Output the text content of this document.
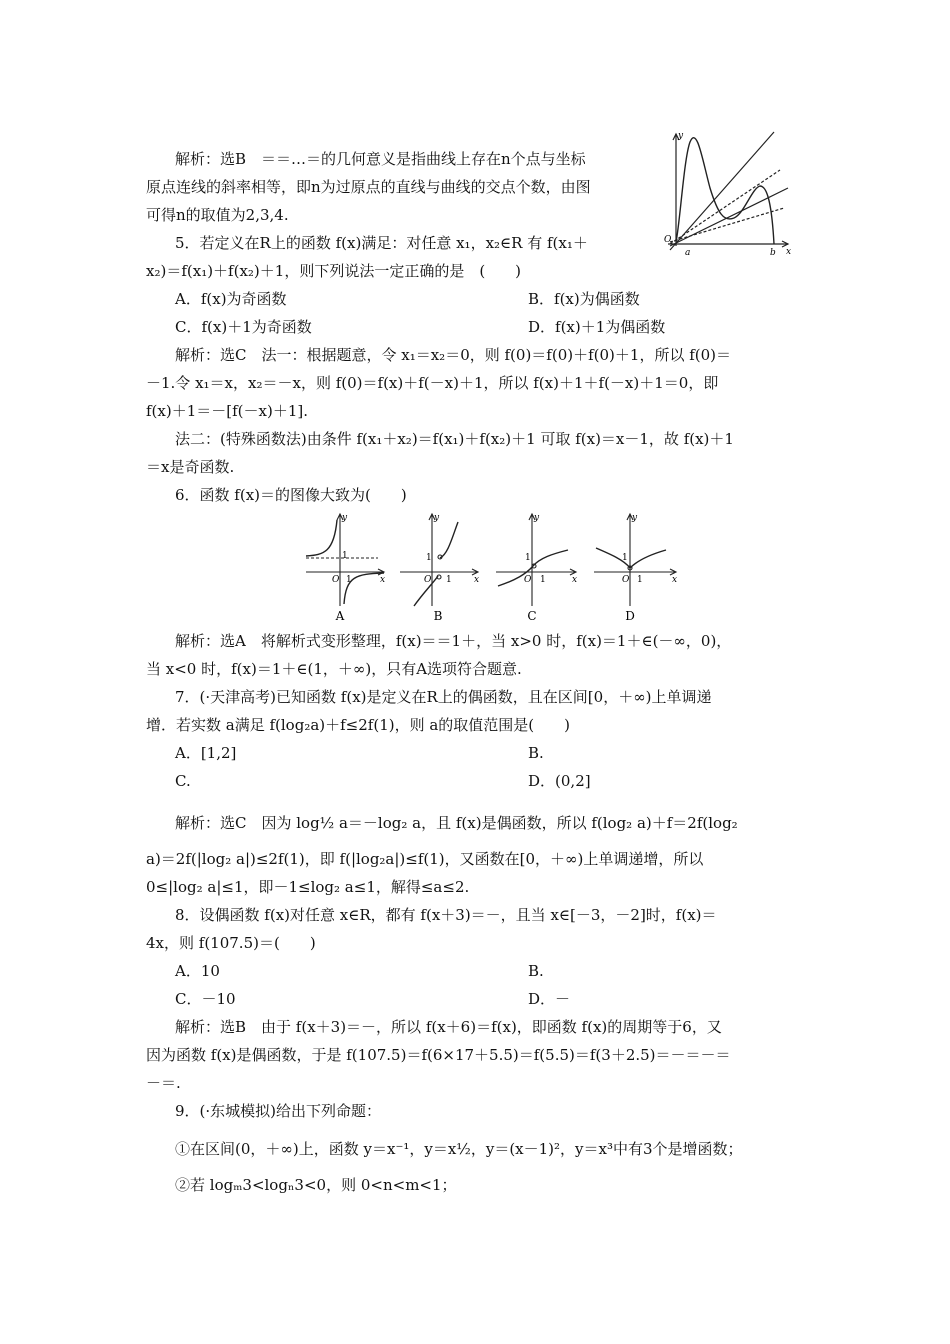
解析：选B　＝＝…＝的几何意义是指曲线上存在n个点与坐标
原点连线的斜率相等，即n为过原点的直线与曲线的交点个数，由图
可得n的取值为2,3,4.
5．若定义在R上的函数 f(x)满足：对任意 x₁，x₂∈R 有 f(x₁＋
x₂)＝f(x₁)＋f(x₂)＋1，则下列说法一定正确的是　(　　)
A．f(x)为奇函数	B．f(x)为偶函数
C．f(x)＋1为奇函数	D．f(x)＋1为偶函数
解析：选C　法一：根据题意，令 x₁＝x₂＝0，则 f(0)＝f(0)＋f(0)＋1，所以 f(0)＝
－1.令 x₁＝x，x₂＝－x，则 f(0)＝f(x)＋f(－x)＋1，所以 f(x)＋1＋f(－x)＋1＝0，即
f(x)＋1＝－[f(－x)＋1].
法二：(特殊函数法)由条件 f(x₁＋x₂)＝f(x₁)＋f(x₂)＋1 可取 f(x)＝x－1，故 f(x)＋1
＝x是奇函数.
6．函数 f(x)＝的图像大致为(　　)
解析：选A　将解析式变形整理，f(x)＝＝1＋，当 x>0 时，f(x)＝1＋∈(－∞，0)，
当 x<0 时，f(x)＝1＋∈(1，＋∞)，只有A选项符合题意.
7．(·天津高考)已知函数 f(x)是定义在R上的偶函数，且在区间[0，＋∞)上单调递
增．若实数 a满足 f(log₂a)＋f≤2f(1)，则 a的取值范围是(　　)
A．[1,2]	B.
C.	D．(0,2]
解析：选C　因为 log½ a＝－log₂ a，且 f(x)是偶函数，所以 f(log₂ a)＋f＝2f(log₂
a)＝2f(|log₂ a|)≤2f(1)，即 f(|log₂a|)≤f(1)，又函数在[0，＋∞)上单调递增，所以
0≤|log₂ a|≤1，即－1≤log₂ a≤1，解得≤a≤2.
8．设偶函数 f(x)对任意 x∈R，都有 f(x＋3)＝－，且当 x∈[－3，－2]时，f(x)＝
4x，则 f(107.5)＝(　　)
A．10	B.
C．－10	D．－
解析：选B　由于 f(x＋3)＝－，所以 f(x＋6)＝f(x)，即函数 f(x)的周期等于6，又
因为函数 f(x)是偶函数，于是 f(107.5)＝f(6×17＋5.5)＝f(5.5)＝f(3＋2.5)＝－＝－＝
－＝.
9．(·东城模拟)给出下列命题：
①在区间(0，＋∞)上，函数 y＝x⁻¹，y＝x½，y＝(x－1)²，y＝x³中有3个是增函数；
②若 logₘ3<logₙ3<0，则 0<n<m<1；
y
x
O
a	b
y
x
O
1
1
y
x
O
1
1
y
x
O
1
1
y
x
O
1
1
A	B	C	D
